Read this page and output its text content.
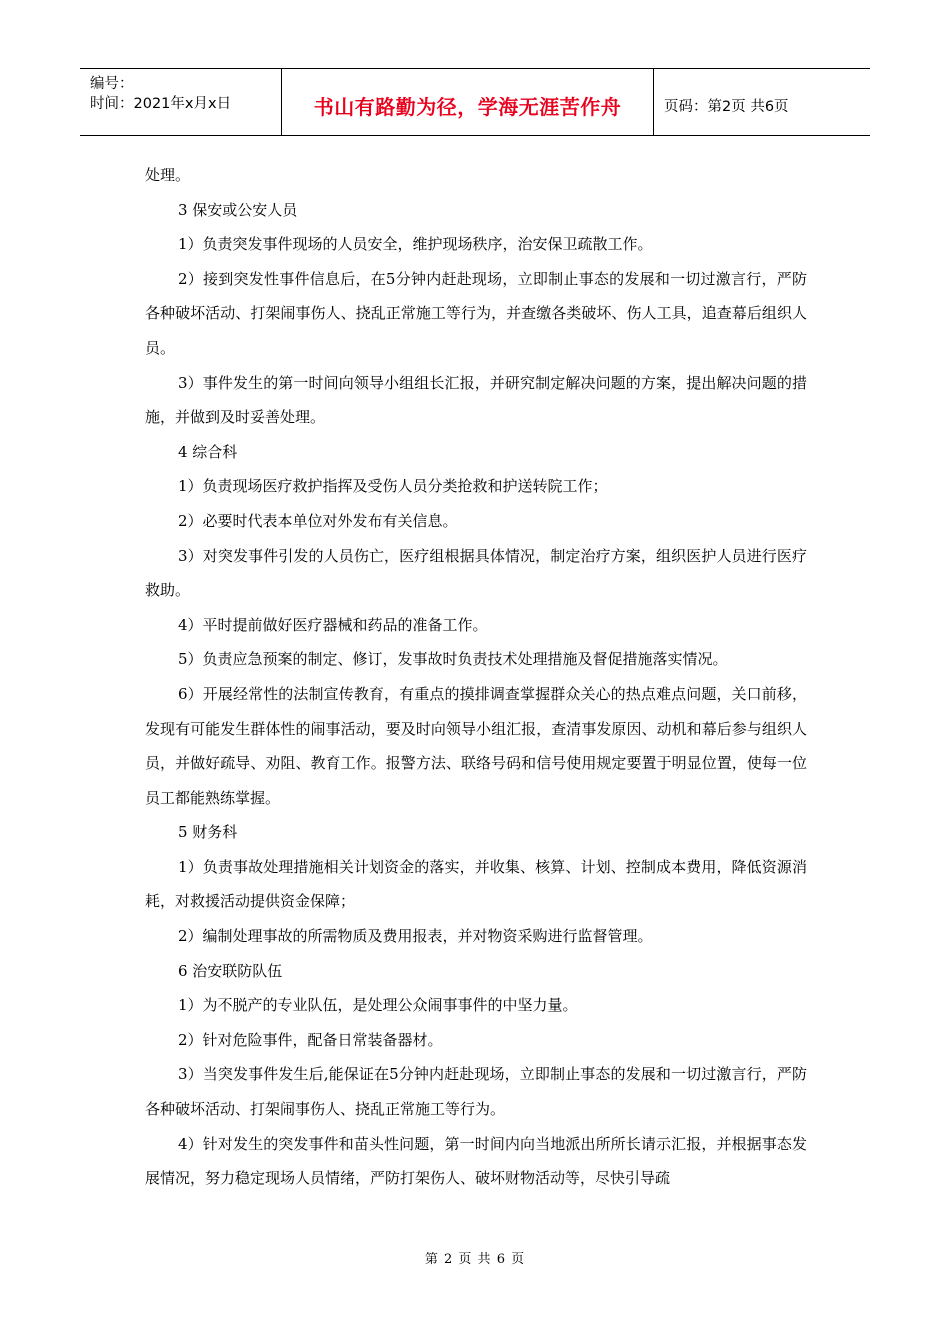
编号：
时间：2021年x月x日	书山有路勤为径，学海无涯苦作舟	页码：第2页 共6页

处理。

3 保安或公安人员

1）负责突发事件现场的人员安全，维护现场秩序，治安保卫疏散工作。

2）接到突发性事件信息后，在5分钟内赶赴现场，立即制止事态的发展和一切过激言行，严防各种破坏活动、打架闹事伤人、挠乱正常施工等行为，并查缴各类破坏、伤人工具，追查幕后组织人员。

3）事件发生的第一时间向领导小组组长汇报，并研究制定解决问题的方案，提出解决问题的措施，并做到及时妥善处理。

4 综合科

1）负责现场医疗救护指挥及受伤人员分类抢救和护送转院工作；

2）必要时代表本单位对外发布有关信息。

3）对突发事件引发的人员伤亡，医疗组根据具体情况，制定治疗方案，组织医护人员进行医疗救助。

4）平时提前做好医疗器械和药品的准备工作。

5）负责应急预案的制定、修订，发事故时负责技术处理措施及督促措施落实情况。

6）开展经常性的法制宣传教育，有重点的摸排调查掌握群众关心的热点难点问题，关口前移，发现有可能发生群体性的闹事活动，要及时向领导小组汇报，查清事发原因、动机和幕后参与组织人员，并做好疏导、劝阻、教育工作。报警方法、联络号码和信号使用规定要置于明显位置，使每一位员工都能熟练掌握。

5 财务科

1）负责事故处理措施相关计划资金的落实，并收集、核算、计划、控制成本费用，降低资源消耗，对救援活动提供资金保障；

2）编制处理事故的所需物质及费用报表，并对物资采购进行监督管理。

6 治安联防队伍

1）为不脱产的专业队伍，是处理公众闹事事件的中坚力量。

2）针对危险事件，配备日常装备器材。

3）当突发事件发生后,能保证在5分钟内赶赴现场，立即制止事态的发展和一切过激言行，严防各种破坏活动、打架闹事伤人、挠乱正常施工等行为。

4）针对发生的突发事件和苗头性问题，第一时间内向当地派出所所长请示汇报，并根据事态发展情况，努力稳定现场人员情绪，严防打架伤人、破坏财物活动等，尽快引导疏

第 2 页 共 6 页
